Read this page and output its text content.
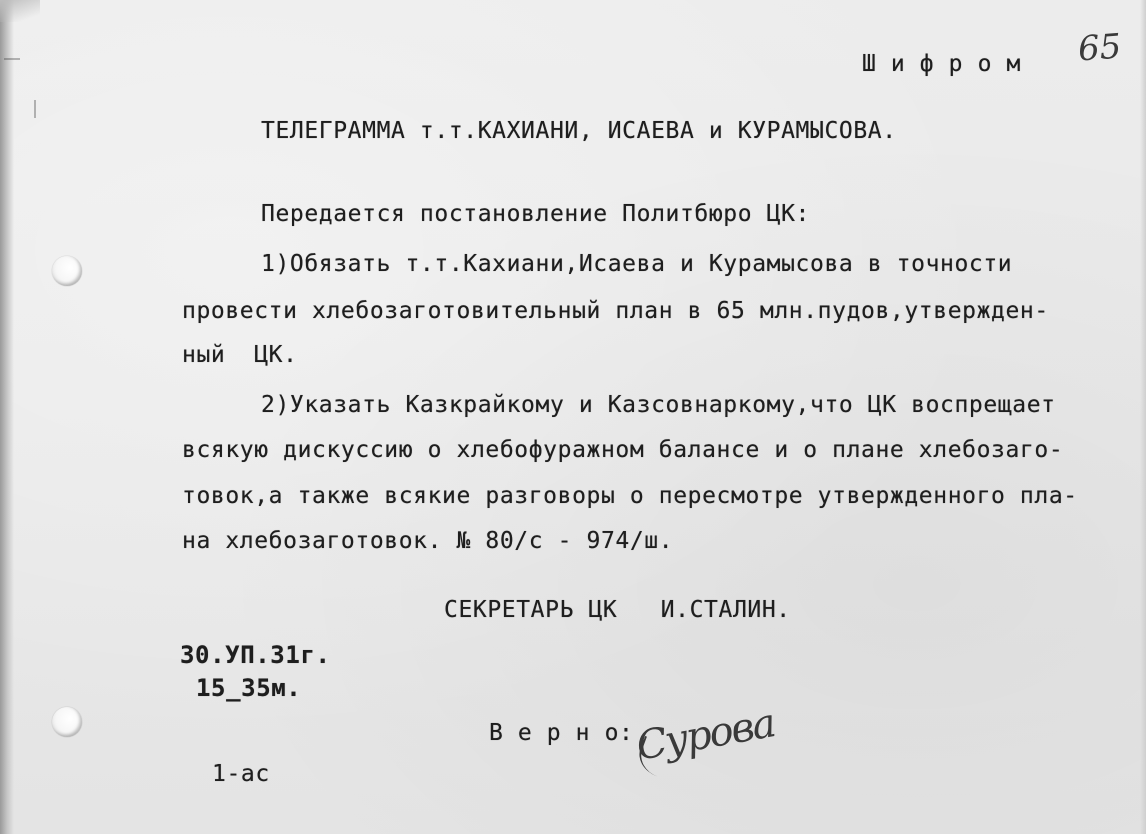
Ш и ф р о м 65
ТЕЛЕГРАММА т.т.КАХИАНИ, ИСАЕВА и КУРАМЫСОВА.
Передается постановление Политбюро ЦК:
1)Обязать т.т.Кахиани,Исаева и Курамысова в точности
провести хлебозаготовительный план в 65 млн.пудов,утвержден-
ный  ЦК.
2)Указать Казкрайкому и Казсовнаркому,что ЦК воспрещает
всякую дискуссию о хлебофуражном балансе и о плане хлебозаго-
товок,а также всякие разговоры о пересмотре утвержденного пла-
на хлебозаготовок. № 80/с - 974/ш.
СЕКРЕТАРЬ ЦК   И.СТАЛИН.
30.УП.31г.
15_35м.
В е р н о: Сурова
1-ас
